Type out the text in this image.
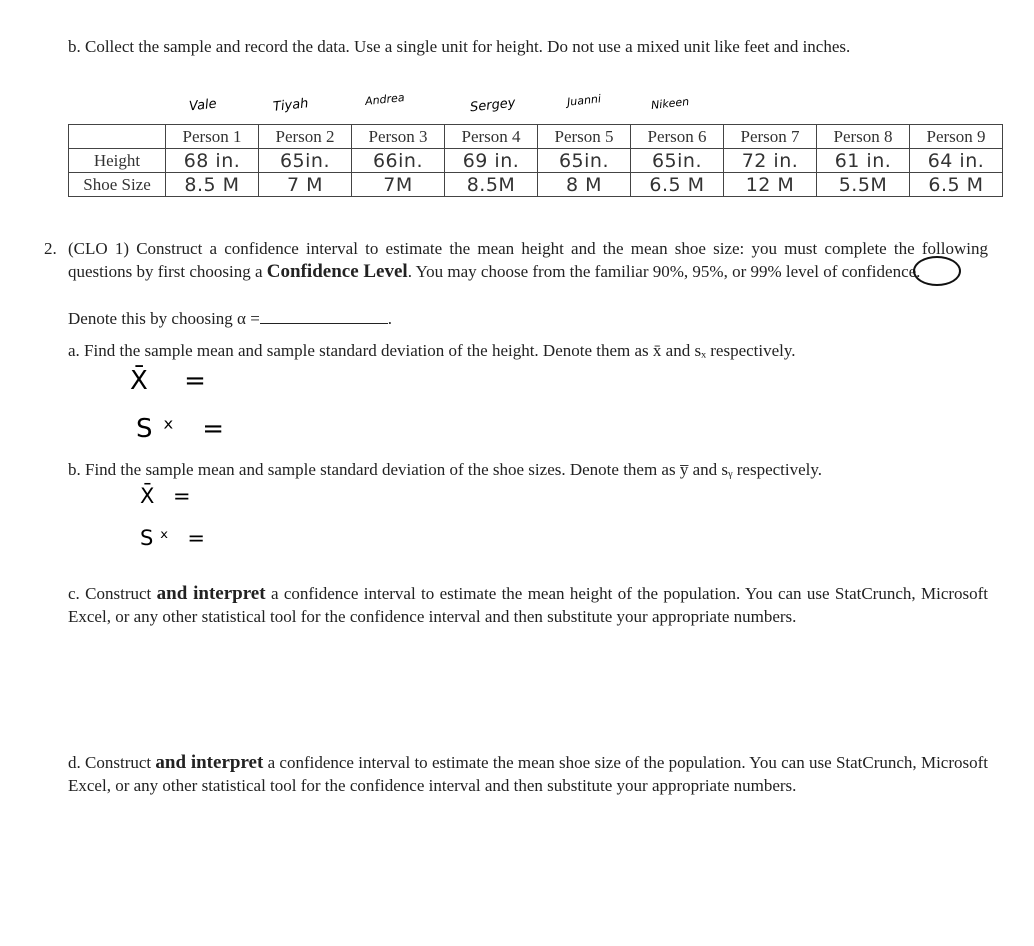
b. Collect the sample and record the data. Use a single unit for height. Do not use a mixed unit like feet and inches.
Vale	Tiyah	Andrea	Sergey	Juanni	Nikeen
	Person 1	Person 2	Person 3	Person 4	Person 5	Person 6	Person 7	Person 8	Person 9
Height	68 in.	65in.	66in.	69 in.	65in.	65in.	72 in.	61 in.	64 in.
Shoe Size	8.5 M	7 M	7M	8.5M	8 M	6.5 M	12 M	5.5M	6.5 M
2. (CLO 1) Construct a confidence interval to estimate the mean height and the mean shoe size: you must complete the following questions by first choosing a Confidence Level. You may choose from the familiar 90%, 95%, or 99% level of confidence.
Denote this by choosing α =	.
a. Find the sample mean and sample standard deviation of the height. Denote them as x̄ and sₓ respectively.
X̄ =
Sˣ =
b. Find the sample mean and sample standard deviation of the shoe sizes. Denote them as y̅ and sᵧ respectively.
X̄ =
Sˣ =
c. Construct and interpret a confidence interval to estimate the mean height of the population. You can use StatCrunch, Microsoft Excel, or any other statistical tool for the confidence interval and then substitute your appropriate numbers.
d. Construct and interpret a confidence interval to estimate the mean shoe size of the population. You can use StatCrunch, Microsoft Excel, or any other statistical tool for the confidence interval and then substitute your appropriate numbers.
